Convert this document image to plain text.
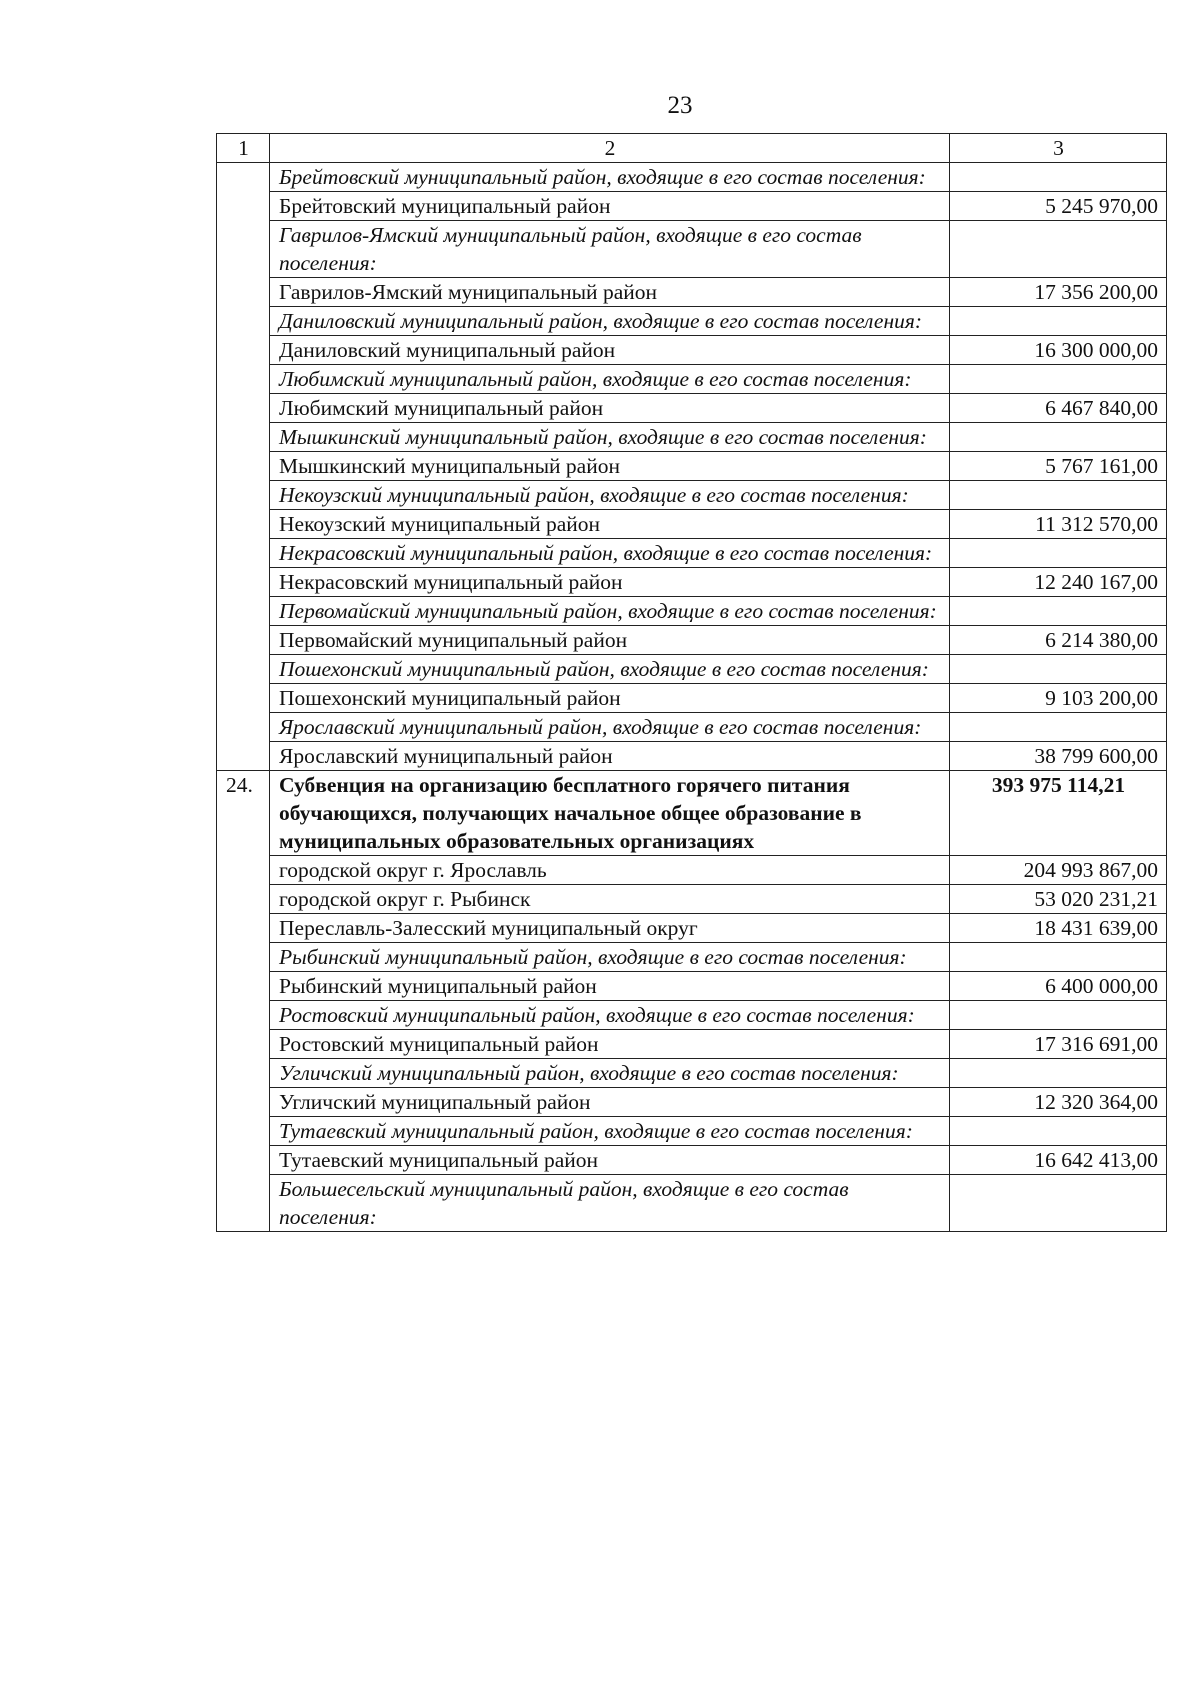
23
1	2	3
	Брейтовский муниципальный район, входящие в его состав поселения:	
	Брейтовский муниципальный район	5 245 970,00
	Гаврилов-Ямский муниципальный район, входящие в его состав поселения:	
	Гаврилов-Ямский муниципальный район	17 356 200,00
	Даниловский муниципальный район, входящие в его состав поселения:	
	Даниловский муниципальный район	16 300 000,00
	Любимский муниципальный район, входящие в его состав поселения:	
	Любимский муниципальный район	6 467 840,00
	Мышкинский муниципальный район, входящие в его состав поселения:	
	Мышкинский муниципальный район	5 767 161,00
	Некоузский муниципальный район, входящие в его состав поселения:	
	Некоузский муниципальный район	11 312 570,00
	Некрасовский муниципальный район, входящие в его состав поселения:	
	Некрасовский муниципальный район	12 240 167,00
	Первомайский муниципальный район, входящие в его состав поселения:	
	Первомайский муниципальный район	6 214 380,00
	Пошехонский муниципальный район, входящие в его состав поселения:	
	Пошехонский муниципальный район	9 103 200,00
	Ярославский муниципальный район, входящие в его состав поселения:	
	Ярославский муниципальный район	38 799 600,00
24.	Субвенция на организацию бесплатного горячего питания обучающихся, получающих начальное общее образование в муниципальных образовательных организациях	393 975 114,21
	городской округ г. Ярославль	204 993 867,00
	городской округ г. Рыбинск	53 020 231,21
	Переславль-Залесский муниципальный округ	18 431 639,00
	Рыбинский муниципальный район, входящие в его состав поселения:	
	Рыбинский муниципальный район	6 400 000,00
	Ростовский муниципальный район, входящие в его состав поселения:	
	Ростовский муниципальный район	17 316 691,00
	Угличский муниципальный район, входящие в его состав поселения:	
	Угличский муниципальный район	12 320 364,00
	Тутаевский муниципальный район, входящие в его состав поселения:	
	Тутаевский муниципальный район	16 642 413,00
	Большесельский муниципальный район, входящие в его состав поселения:	
